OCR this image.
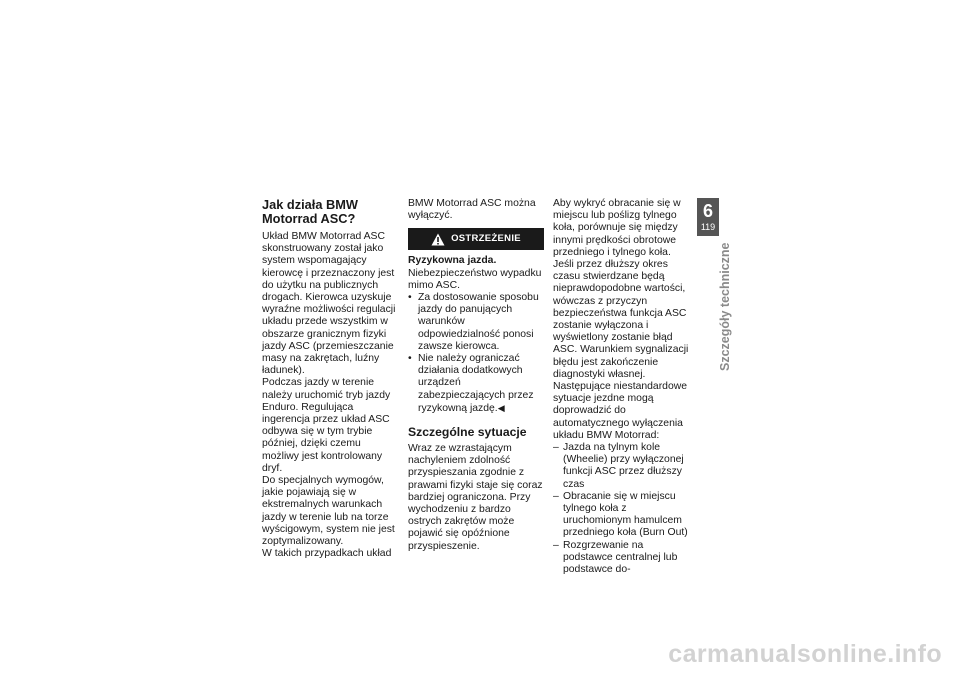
Jak działa BMW Motorrad ASC?

Układ BMW Motorrad ASC skonstruowany został jako system wspomagający kierowcę i przeznaczony jest do użytku na publicznych drogach. Kierowca uzyskuje wyraźne możliwości regulacji układu przede wszystkim w obszarze granicznym fizyki jazdy ASC (przemieszczanie masy na zakrętach, luźny ładunek).

Podczas jazdy w terenie należy uruchomić tryb jazdy Enduro. Regulująca ingerencja przez układ ASC odbywa się w tym trybie później, dzięki czemu możliwy jest kontrolowany dryf.

Do specjalnych wymogów, jakie pojawiają się w ekstremalnych warunkach jazdy w terenie lub na torze wyścigowym, system nie jest zoptymalizowany.

W takich przypadkach układ

BMW Motorrad ASC można wyłączyć.

OSTRZEŻENIE

Ryzykowna jazda.

Niebezpieczeństwo wypadku mimo ASC.

• Za dostosowanie sposobu jazdy do panujących warunków odpowiedzialność ponosi zawsze kierowca.
• Nie należy ograniczać działania dodatkowych urządzeń zabezpieczających przez ryzykowną jazdę.◀
Szczególne sytuacje

Wraz ze wzrastającym nachyleniem zdolność przyspieszania zgodnie z prawami fizyki staje się coraz bardziej ograniczona. Przy wychodzeniu z bardzo ostrych zakrętów może pojawić się opóźnione przyspieszenie.

Aby wykryć obracanie się w miejscu lub poślizg tylnego koła, porównuje się między innymi prędkości obrotowe przedniego i tylnego koła. Jeśli przez dłuższy okres czasu stwierdzane będą nieprawdopodobne wartości, wówczas z przyczyn bezpieczeństwa funkcja ASC zostanie wyłączona i wyświetlony zostanie błąd ASC. Warunkiem sygnalizacji błędu jest zakończenie diagnostyki własnej.

Następujące niestandardowe sytuacje jezdne mogą doprowadzić do automatycznego wyłączenia układu BMW Motorrad:

– Jazda na tylnym kole (Wheelie) przy wyłączonej funkcji ASC przez dłuższy czas
– Obracanie się w miejscu tylnego koła z uruchomionym hamulcem przedniego koła (Burn Out)
– Rozgrzewanie na podstawce centralnej lub podstawce do-
6
119
Szczegóły techniczne
carmanualsonline.info
